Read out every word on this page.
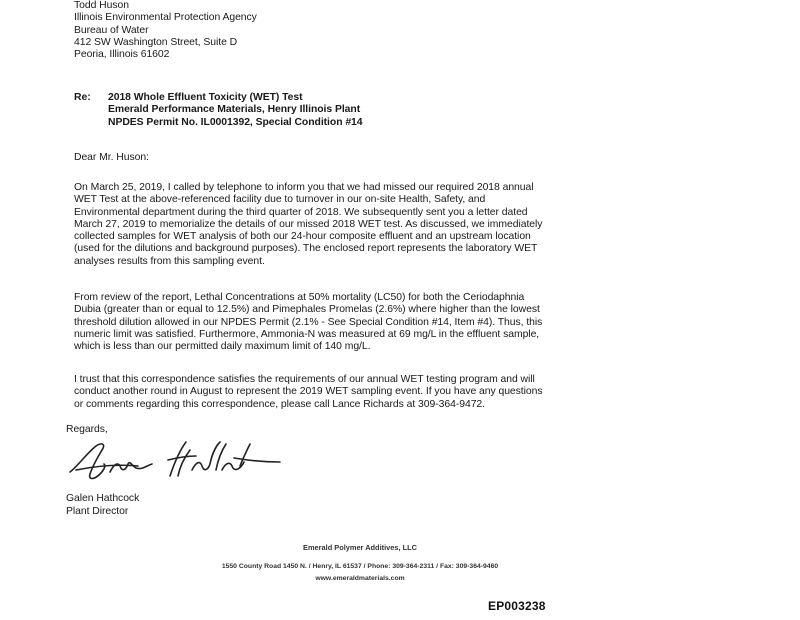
Todd Huson
Illinois Environmental Protection Agency
Bureau of Water
412 SW Washington Street, Suite D
Peoria, Illinois 61602
Re: 2018 Whole Effluent Toxicity (WET) Test
Emerald Performance Materials, Henry Illinois Plant
NPDES Permit No. IL0001392, Special Condition #14
Dear Mr. Huson:
On March 25, 2019, I called by telephone to inform you that we had missed our required 2018 annual
WET Test at the above-referenced facility due to turnover in our on-site Health, Safety, and
Environmental department during the third quarter of 2018. We subsequently sent you a letter dated
March 27, 2019 to memorialize the details of our missed 2018 WET test. As discussed, we immediately
collected samples for WET analysis of both our 24-hour composite effluent and an upstream location
(used for the dilutions and background purposes). The enclosed report represents the laboratory WET
analyses results from this sampling event.
From review of the report, Lethal Concentrations at 50% mortality (LC50) for both the Ceriodaphnia
Dubia (greater than or equal to 12.5%) and Pimephales Promelas (2.6%) where higher than the lowest
threshold dilution allowed in our NPDES Permit (2.1% - See Special Condition #14, Item #4). Thus, this
numeric limit was satisfied. Furthermore, Ammonia-N was measured at 69 mg/L in the effluent sample,
which is less than our permitted daily maximum limit of 140 mg/L.
I trust that this correspondence satisfies the requirements of our annual WET testing program and will
conduct another round in August to represent the 2019 WET sampling event. If you have any questions
or comments regarding this correspondence, please call Lance Richards at 309-364-9472.
Regards,
Galen Hathcock
Plant Director
Emerald Polymer Additives, LLC
1550 County Road 1450 N. / Henry, IL 61537 / Phone: 309-364-2311 / Fax: 309-364-9460
www.emeraldmaterials.com
EP003238
